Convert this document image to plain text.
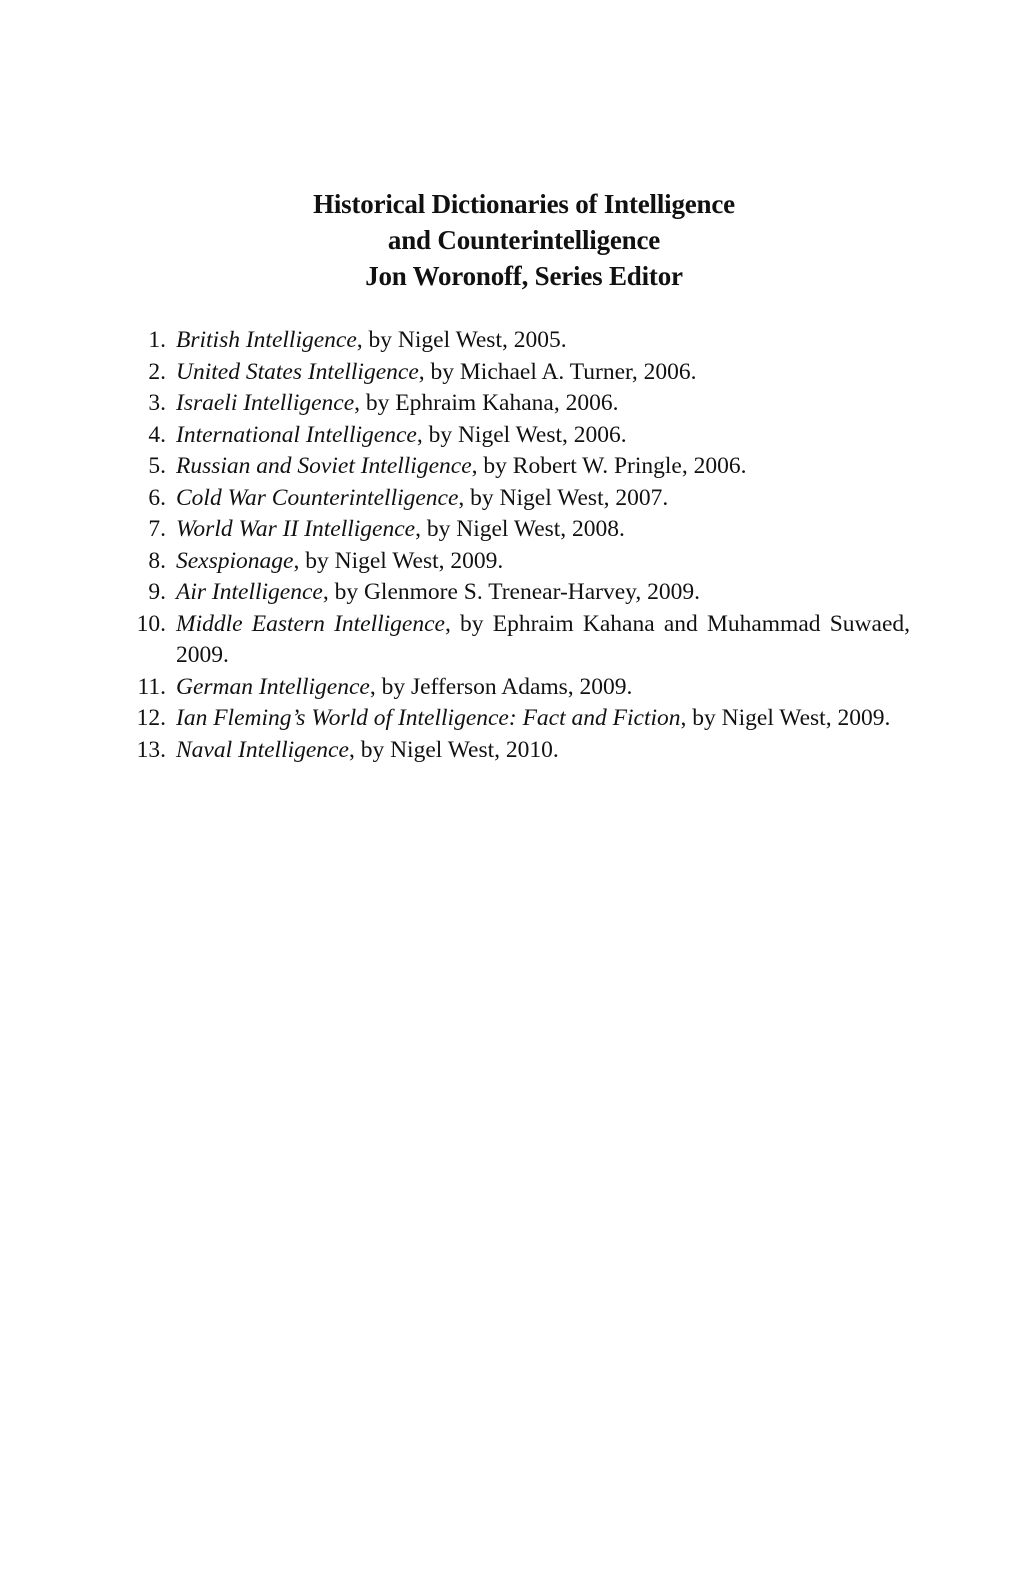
Historical Dictionaries of Intelligence
and Counterintelligence
Jon Woronoff, Series Editor
1. British Intelligence, by Nigel West, 2005.
2. United States Intelligence, by Michael A. Turner, 2006.
3. Israeli Intelligence, by Ephraim Kahana, 2006.
4. International Intelligence, by Nigel West, 2006.
5. Russian and Soviet Intelligence, by Robert W. Pringle, 2006.
6. Cold War Counterintelligence, by Nigel West, 2007.
7. World War II Intelligence, by Nigel West, 2008.
8. Sexspionage, by Nigel West, 2009.
9. Air Intelligence, by Glenmore S. Trenear-Harvey, 2009.
10. Middle Eastern Intelligence, by Ephraim Kahana and Muhammad Suwaed, 2009.
11. German Intelligence, by Jefferson Adams, 2009.
12. Ian Fleming’s World of Intelligence: Fact and Fiction, by Nigel West, 2009.
13. Naval Intelligence, by Nigel West, 2010.
